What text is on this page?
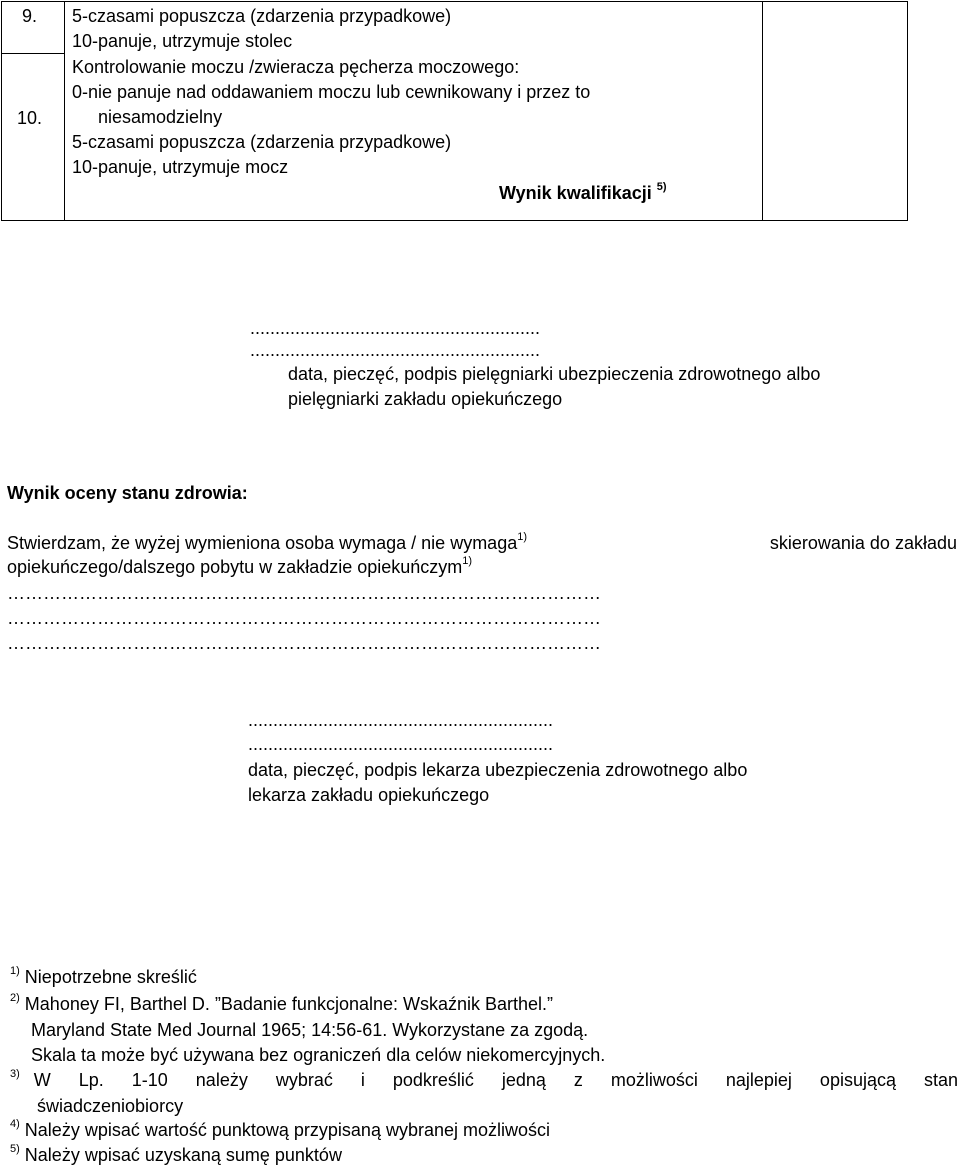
9. 5-czasami popuszcza (zdarzenia przypadkowe)
10-panuje, utrzymuje stolec
10.
Kontrolowanie moczu /zwieracza pęcherza moczowego:
0-nie panuje nad oddawaniem moczu lub cewnikowany i przez to
niesamodzielny
5-czasami popuszcza (zdarzenia przypadkowe)
10-panuje, utrzymuje mocz
Wynik kwalifikacji $^{5)}$
..........................................................
..........................................................
data, pieczęć, podpis pielęgniarki ubezpieczenia zdrowotnego albo
pielęgniarki zakładu opiekuńczego
Wynik oceny stanu zdrowia:
Stwierdzam, że wyżej wymieniona osoba wymaga / nie wymaga$^{1)}$	skierowania do zakładu
opiekuńczego/dalszego pobytu w zakładzie opiekuńczym$^{1)}$
………………………………………………………………………………………
………………………………………………………………………………………
………………………………………………………………………………………
.............................................................
.............................................................
data, pieczęć, podpis lekarza ubezpieczenia zdrowotnego albo
lekarza zakładu opiekuńczego
$^{1)}$ Niepotrzebne skreślić
$^{2)}$ Mahoney FI, Barthel D. ”Badanie funkcjonalne: Wskaźnik Barthel.”
Maryland State Med Journal 1965; 14:56-61. Wykorzystane za zgodą.
Skala ta może być używana bez ograniczeń dla celów niekomercyjnych.
$^{3)}$ W Lp. 1-10 należy wybrać i podkreślić jedną z możliwości najlepiej opisującą stan
świadczeniobiorcy
$^{4)}$ Należy wpisać wartość punktową przypisaną wybranej możliwości
$^{5)}$ Należy wpisać uzyskaną sumę punktów
